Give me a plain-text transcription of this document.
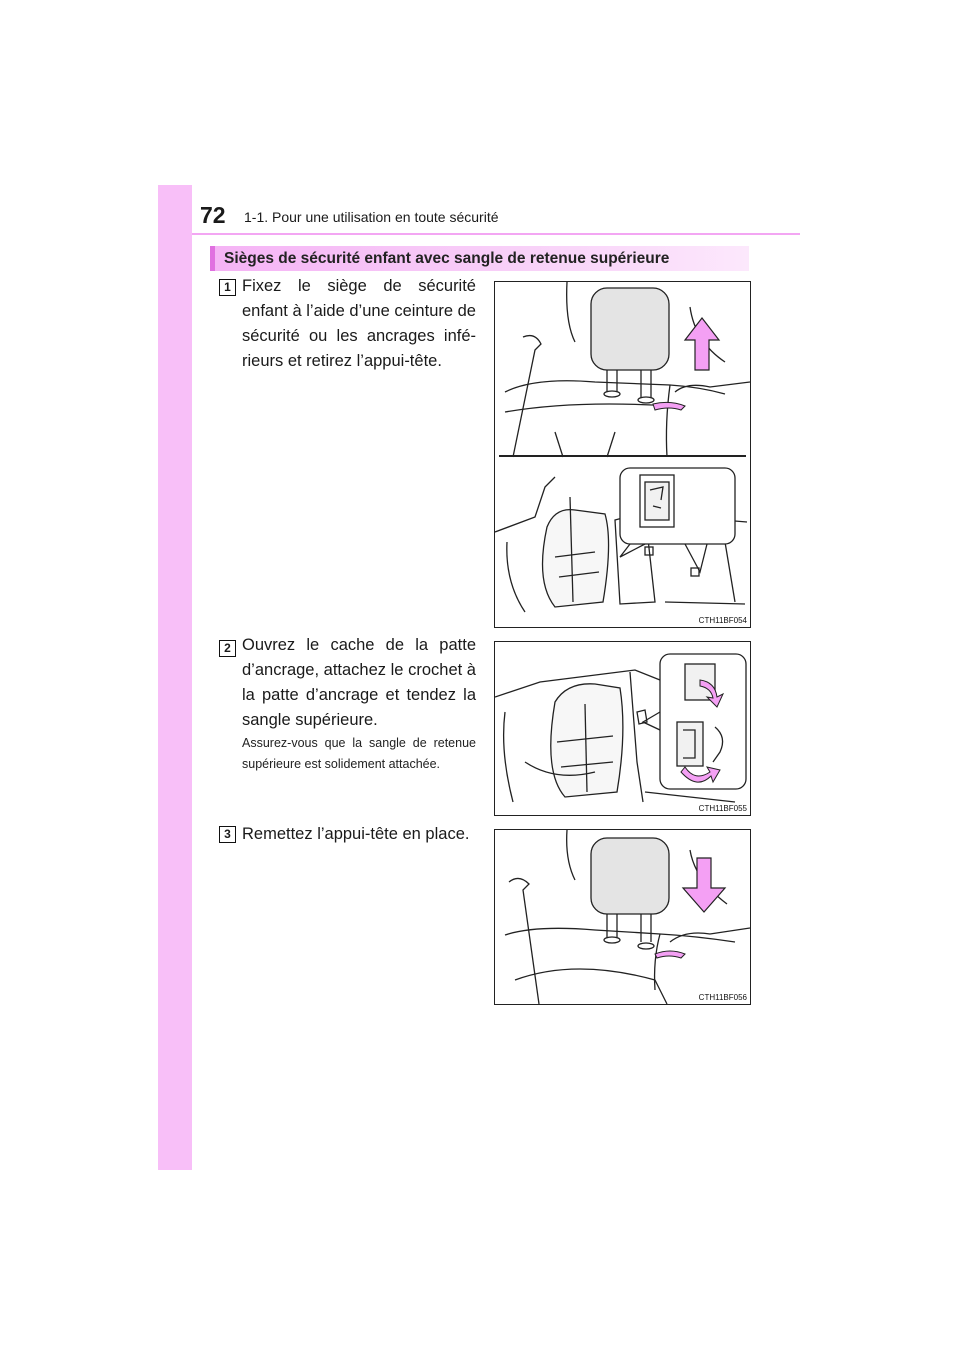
72 1-1. Pour une utilisation en toute sécurité
Sièges de sécurité enfant avec sangle de retenue supérieure
1 Fixez le siège de sécurité enfant à l’aide d’une ceinture de sécurité ou les ancrages infé-rieurs et retirez l’appui-tête.
CTH11BF054
2 Ouvrez le cache de la patte d’ancrage, attachez le crochet à la patte d’ancrage et tendez la sangle supérieure.
Assurez-vous que la sangle de retenue supérieure est solidement attachée.
CTH11BF055
3 Remettez l’appui-tête en place.
CTH11BF056
